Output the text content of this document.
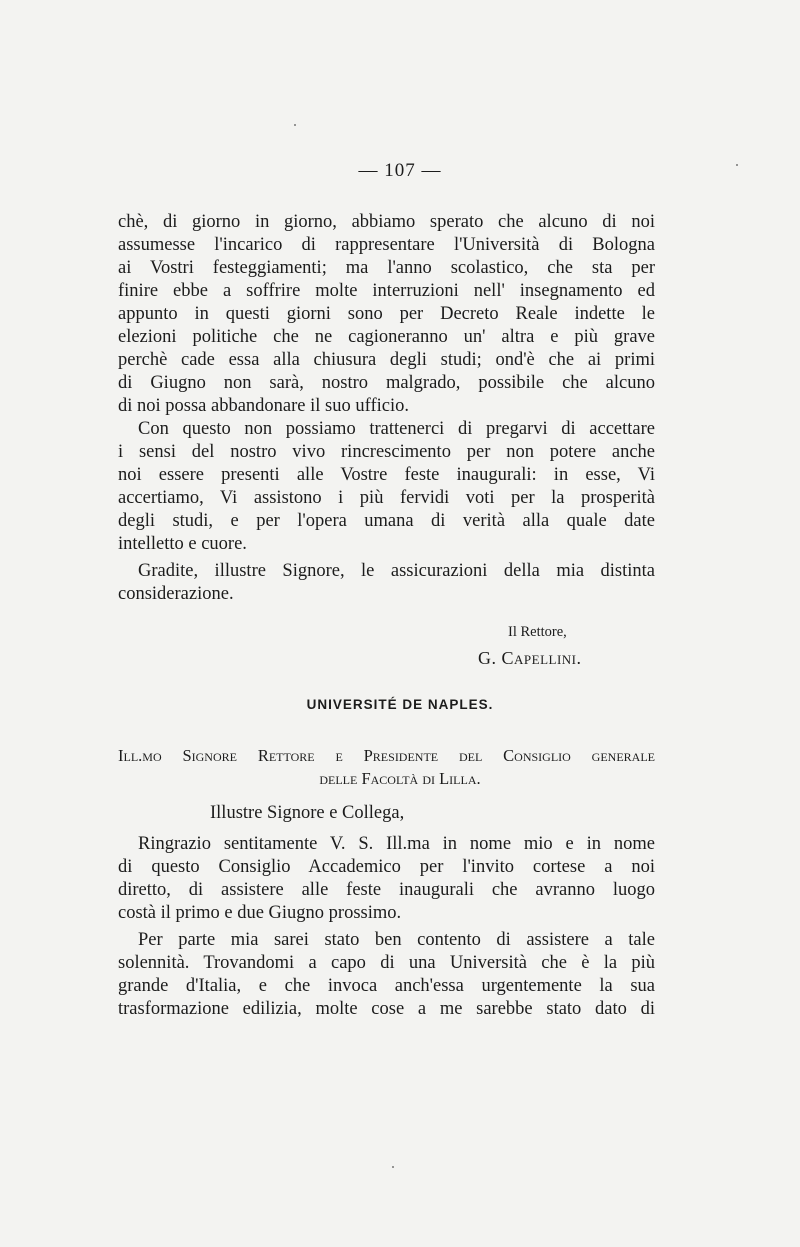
— 107 —
chè, di giorno in giorno, abbiamo sperato che alcuno di noi
assumesse l'incarico di rappresentare l'Università di Bologna
ai Vostri festeggiamenti; ma l'anno scolastico, che sta per
finire ebbe a soffrire molte interruzioni nell' insegnamento ed
appunto in questi giorni sono per Decreto Reale indette le
elezioni politiche che ne cagioneranno un' altra e più grave
perchè cade essa alla chiusura degli studi; ond'è che ai primi
di Giugno non sarà, nostro malgrado, possibile che alcuno
di noi possa abbandonare il suo ufficio.
Con questo non possiamo trattenerci di pregarvi di accettare
i sensi del nostro vivo rincrescimento per non potere anche
noi essere presenti alle Vostre feste inaugurali: in esse, Vi
accertiamo, Vi assistono i più fervidi voti per la prosperità
degli studi, e per l'opera umana di verità alla quale date
intelletto e cuore.
Gradite, illustre Signore, le assicurazioni della mia distinta
considerazione.
Il Rettore,
G. Capellini.
UNIVERSITÉ DE NAPLES.
Ill.mo Signore Rettore e Presidente del Consiglio generale
delle Facoltà di Lilla.
Illustre Signore e Collega,
Ringrazio sentitamente V. S. Ill.ma in nome mio e in nome
di questo Consiglio Accademico per l'invito cortese a noi
diretto, di assistere alle feste inaugurali che avranno luogo
costà il primo e due Giugno prossimo.
Per parte mia sarei stato ben contento di assistere a tale
solennità. Trovandomi a capo di una Università che è la più
grande d'Italia, e che invoca anch'essa urgentemente la sua
trasformazione edilizia, molte cose a me sarebbe stato dato di
